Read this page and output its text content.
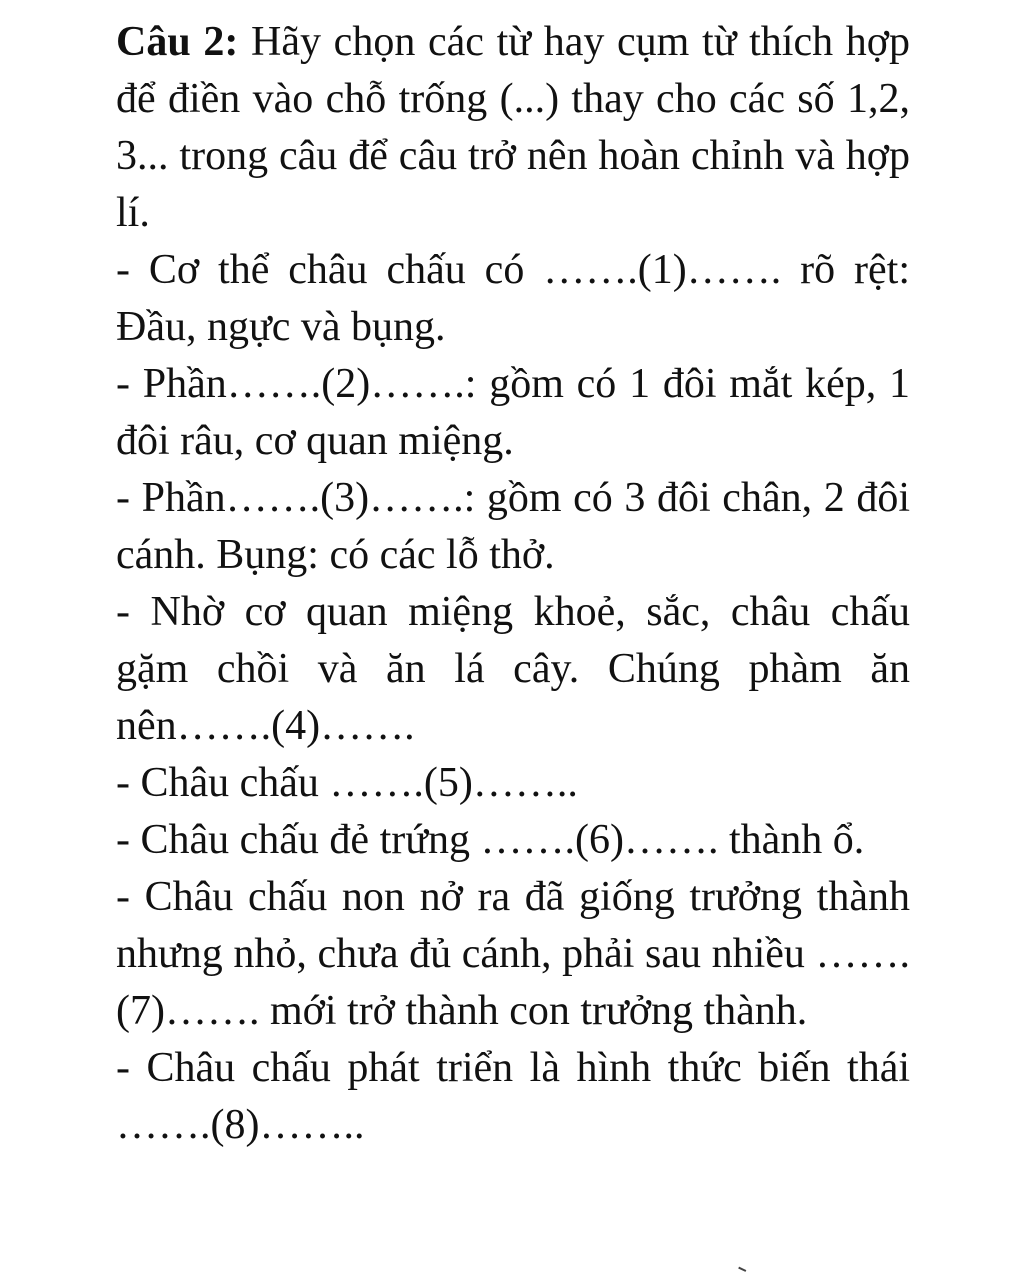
Câu 2: Hãy chọn các từ hay cụm từ thích hợp để điền vào chỗ trống (...) thay cho các số 1,2, 3... trong câu để câu trở nên hoàn chỉnh và hợp lí.

- Cơ thể châu chấu có …….(1)……. rõ rệt: Đầu, ngực và bụng.

- Phần…….(2)…….: gồm có 1 đôi mắt kép, 1 đôi râu, cơ quan miệng.

- Phần…….(3)…….: gồm có 3 đôi chân, 2 đôi cánh. Bụng: có các lỗ thở.

- Nhờ cơ quan miệng khoẻ, sắc, châu chấu gặm chồi và ăn lá cây. Chúng phàm ăn nên…….(4)…….

- Châu chấu …….(5)……..

- Châu chấu đẻ trứng …….(6)……. thành ổ.

- Châu chấu non nở ra đã giống trưởng thành nhưng nhỏ, chưa đủ cánh, phải sau nhiều …….(7)……. mới trở thành con trưởng thành.

- Châu chấu phát triển là hình thức biến thái …….(8)……..
